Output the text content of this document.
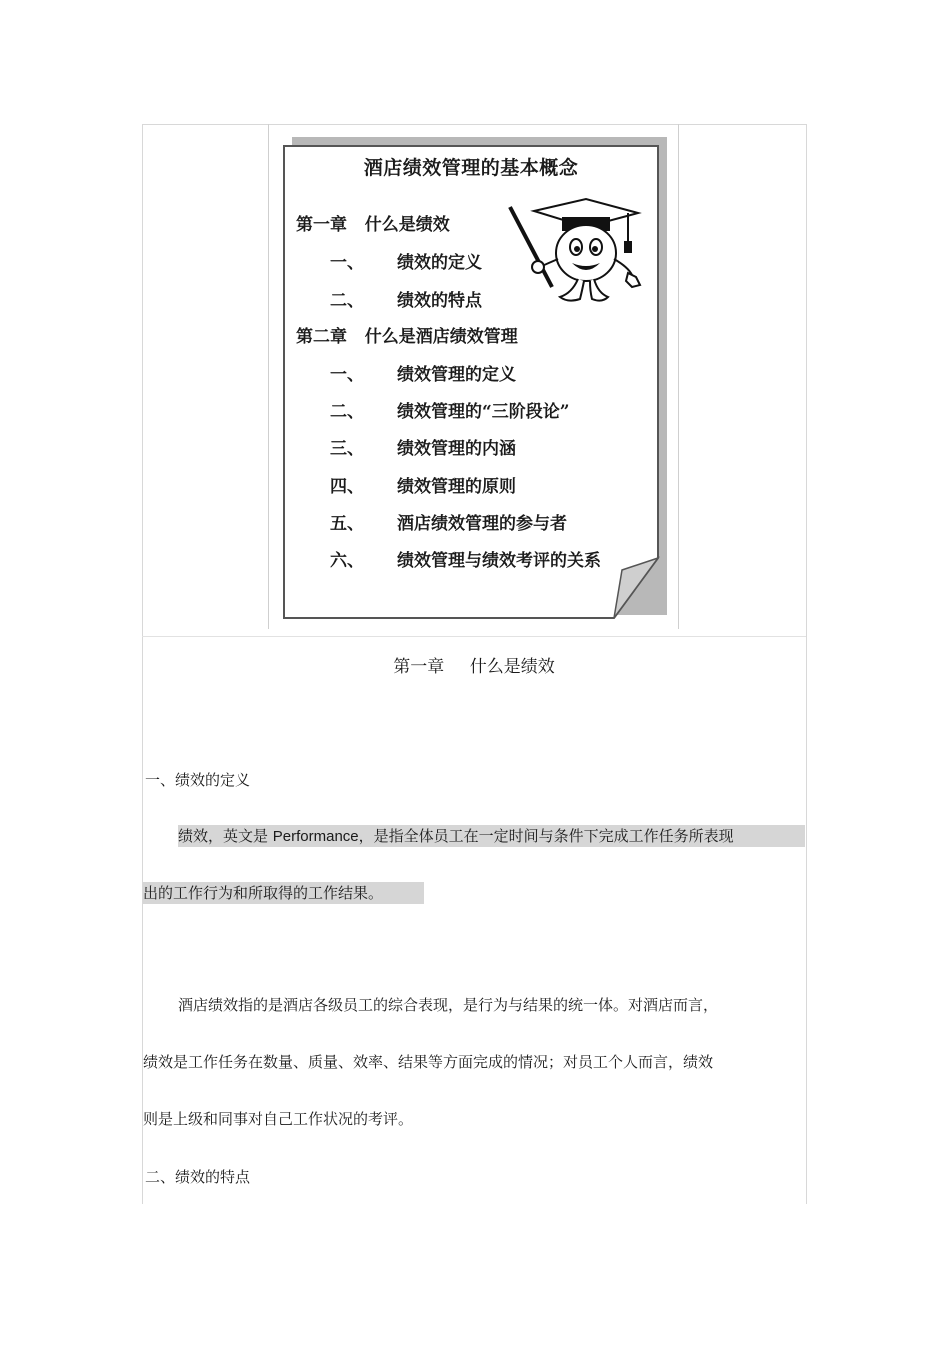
酒店绩效管理的基本概念
第一章 什么是绩效
一、 绩效的定义
二、 绩效的特点
第二章 什么是酒店绩效管理
一、 绩效管理的定义
二、 绩效管理的“三阶段论”
三、 绩效管理的内涵
四、 绩效管理的原则
五、 酒店绩效管理的参与者
六、 绩效管理与绩效考评的关系
第一章 什么是绩效
一、绩效的定义
绩效，英文是 Performance，是指全体员工在一定时间与条件下完成工作任务所表现
出的工作行为和所取得的工作结果。
酒店绩效指的是酒店各级员工的综合表现，是行为与结果的统一体。对酒店而言，
绩效是工作任务在数量、质量、效率、结果等方面完成的情况；对员工个人而言，绩效
则是上级和同事对自己工作状况的考评。
二、绩效的特点
